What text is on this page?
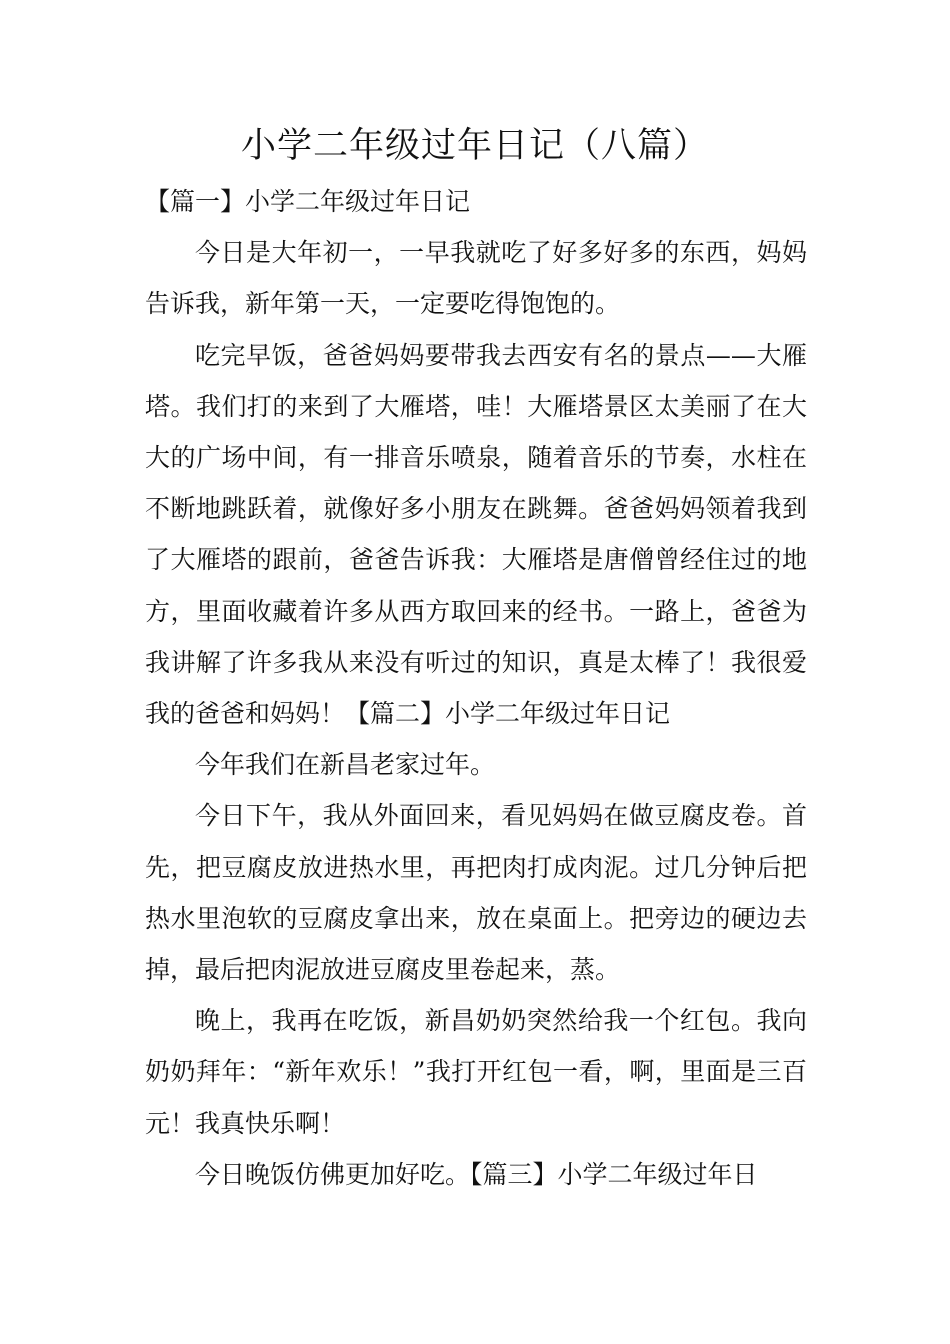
小学二年级过年日记（八篇）
【篇一】小学二年级过年日记

今日是大年初一，一早我就吃了好多好多的东西，妈妈告诉我，新年第一天，一定要吃得饱饱的。

吃完早饭，爸爸妈妈要带我去西安有名的景点——大雁塔。我们打的来到了大雁塔，哇！大雁塔景区太美丽了在大大的广场中间，有一排音乐喷泉，随着音乐的节奏，水柱在不断地跳跃着，就像好多小朋友在跳舞。爸爸妈妈领着我到了大雁塔的跟前，爸爸告诉我：大雁塔是唐僧曾经住过的地方，里面收藏着许多从西方取回来的经书。一路上，爸爸为我讲解了许多我从来没有听过的知识，真是太棒了！我很爱我的爸爸和妈妈！【篇二】小学二年级过年日记

今年我们在新昌老家过年。

今日下午，我从外面回来，看见妈妈在做豆腐皮卷。首先，把豆腐皮放进热水里，再把肉打成肉泥。过几分钟后把热水里泡软的豆腐皮拿出来，放在桌面上。把旁边的硬边去掉，最后把肉泥放进豆腐皮里卷起来，蒸。

晚上，我再在吃饭，新昌奶奶突然给我一个红包。我向奶奶拜年：“新年欢乐！”我打开红包一看，啊，里面是三百元！我真快乐啊！

今日晚饭仿佛更加好吃。【篇三】小学二年级过年日
